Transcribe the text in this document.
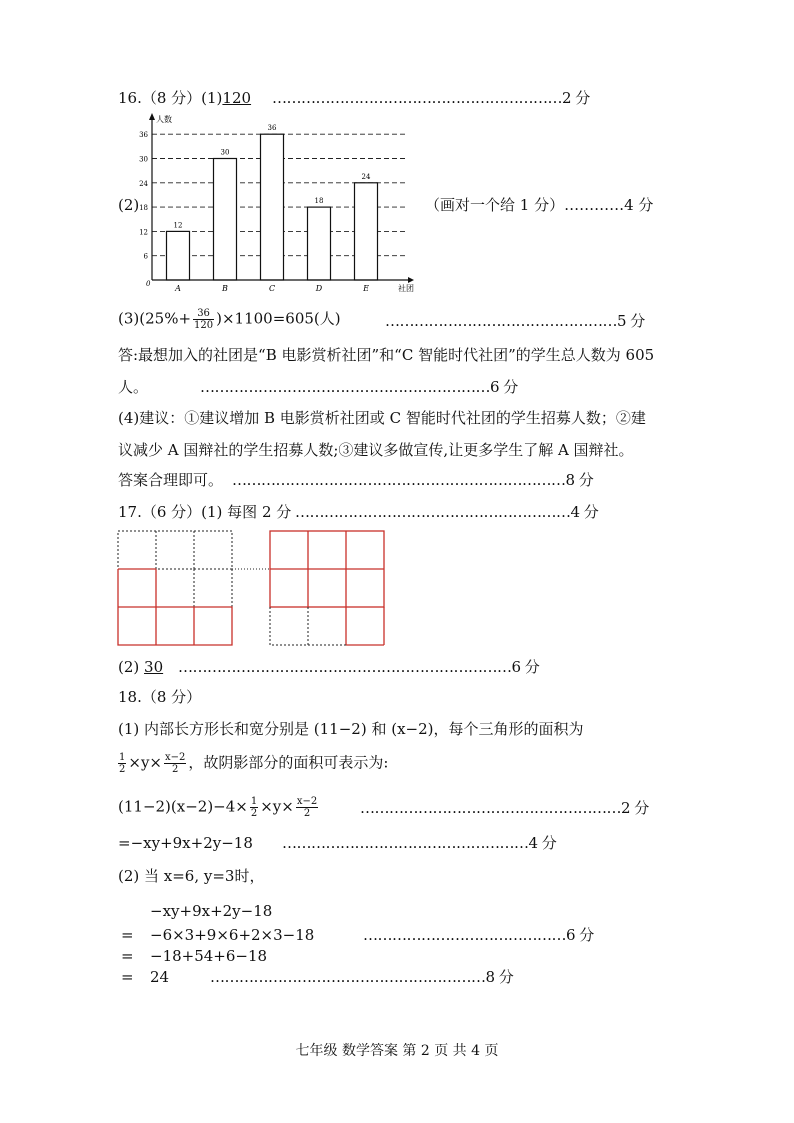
16.（8 分）(1)120 ……………………………………………………2 分
6
12
18
24
30
36
12
A
30
B
36
C
18
D
24
E
人数
社团
0
(2)	（画对一个给 1 分）…………4 分
$(3)(25\%+ \frac{36}{120} )\times 1100=605$(人)	…………………………………………5 分
答:最想加入的社团是“B 电影赏析社团”和“C 智能时代社团”的学生总人数为 605
人。	……………………………………………………6 分
(4)建议：①建议增加 B 电影赏析社团或 C 智能时代社团的学生招募人数；②建
议减少 A 国辩社的学生招募人数;③建议多做宣传,让更多学生了解 A 国辩社。
答案合理即可。 ……………………………………………………………8 分
17.（6 分）(1) 每图 2 分 …………………………………………………4 分
(2) 30 ……………………………………………………………6 分
18.（8 分）
(1) 内部长方形长和宽分别是 (11−2) 和 (x−2)，每个三角形的面积为
$\frac{1}{2} \times y\times \frac{x-2}{2}$ ，故阴影部分的面积可表示为:
$(11-2)(x-2)-4\times \frac{1}{2} \times y\times \frac{x-2}{2}$	………………………………………………2 分
=−xy+9x+2y−18 ……………………………………………4 分
(2) 当 x=6, y=3时，
−xy+9x+2y−18
= −6×3+9×6+2×3−18	……………………………………6 分
= −18+54+6−18
= 24	…………………………………………………8 分
七年级 数学答案 第 2 页 共 4 页
